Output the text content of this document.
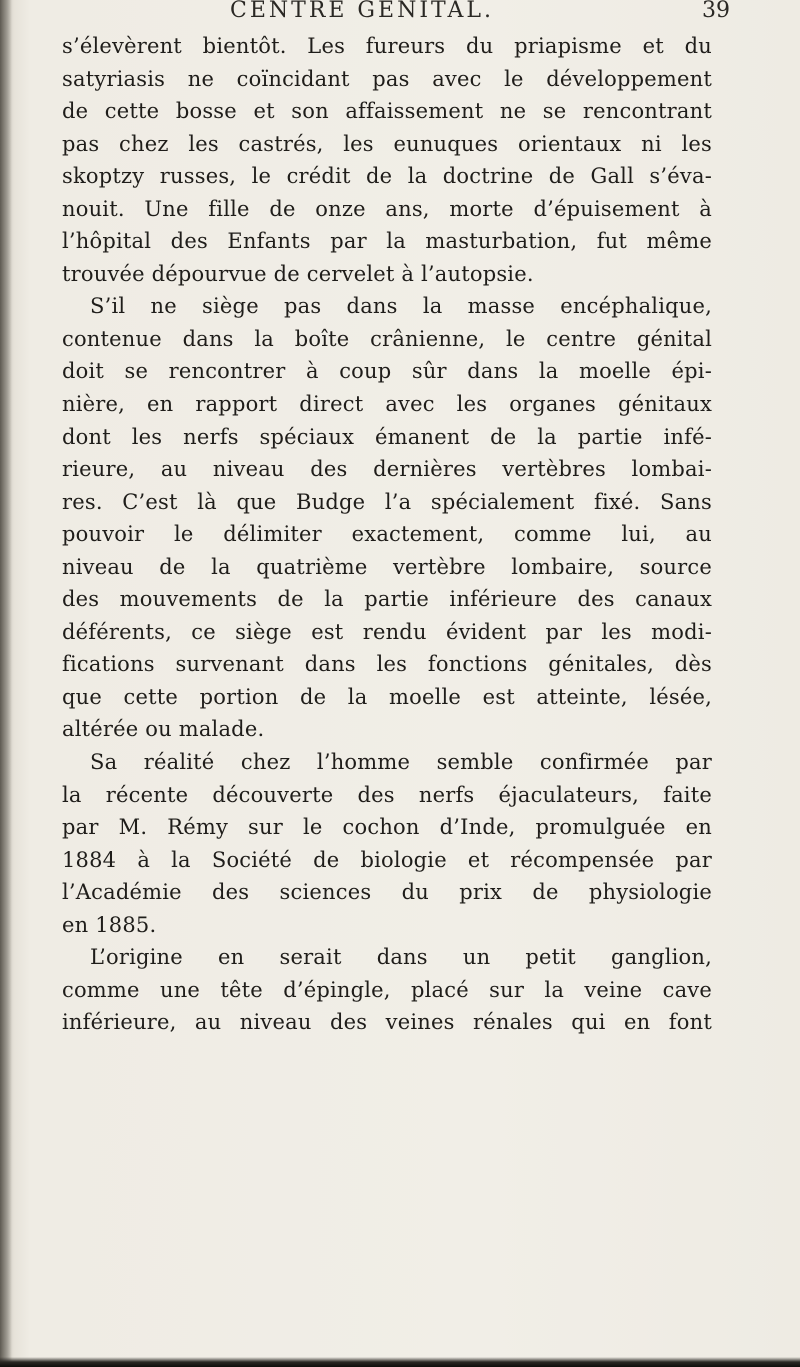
CENTRE GENITAL.	39
s’élevèrent bientôt. Les fureurs du priapisme et du
satyriasis ne coïncidant pas avec le développement
de cette bosse et son affaissement ne se rencontrant
pas chez les castrés, les eunuques orientaux ni les
skoptzy russes, le crédit de la doctrine de Gall s’éva-
nouit. Une fille de onze ans, morte d’épuisement à
l’hôpital des Enfants par la masturbation, fut même
trouvée dépourvue de cervelet à l’autopsie.
S’il ne siège pas dans la masse encéphalique,
contenue dans la boîte crânienne, le centre génital
doit se rencontrer à coup sûr dans la moelle épi-
nière, en rapport direct avec les organes génitaux
dont les nerfs spéciaux émanent de la partie infé-
rieure, au niveau des dernières vertèbres lombai-
res. C’est là que Budge l’a spécialement fixé. Sans
pouvoir le délimiter exactement, comme lui, au
niveau de la quatrième vertèbre lombaire, source
des mouvements de la partie inférieure des canaux
déférents, ce siège est rendu évident par les modi-
fications survenant dans les fonctions génitales, dès
que cette portion de la moelle est atteinte, lésée,
altérée ou malade.
Sa réalité chez l’homme semble confirmée par
la récente découverte des nerfs éjaculateurs, faite
par M. Rémy sur le cochon d’Inde, promulguée en
1884 à la Société de biologie et récompensée par
l’Académie des sciences du prix de physiologie
en 1885.
L’origine en serait dans un petit ganglion,
comme une tête d’épingle, placé sur la veine cave
inférieure, au niveau des veines rénales qui en font
